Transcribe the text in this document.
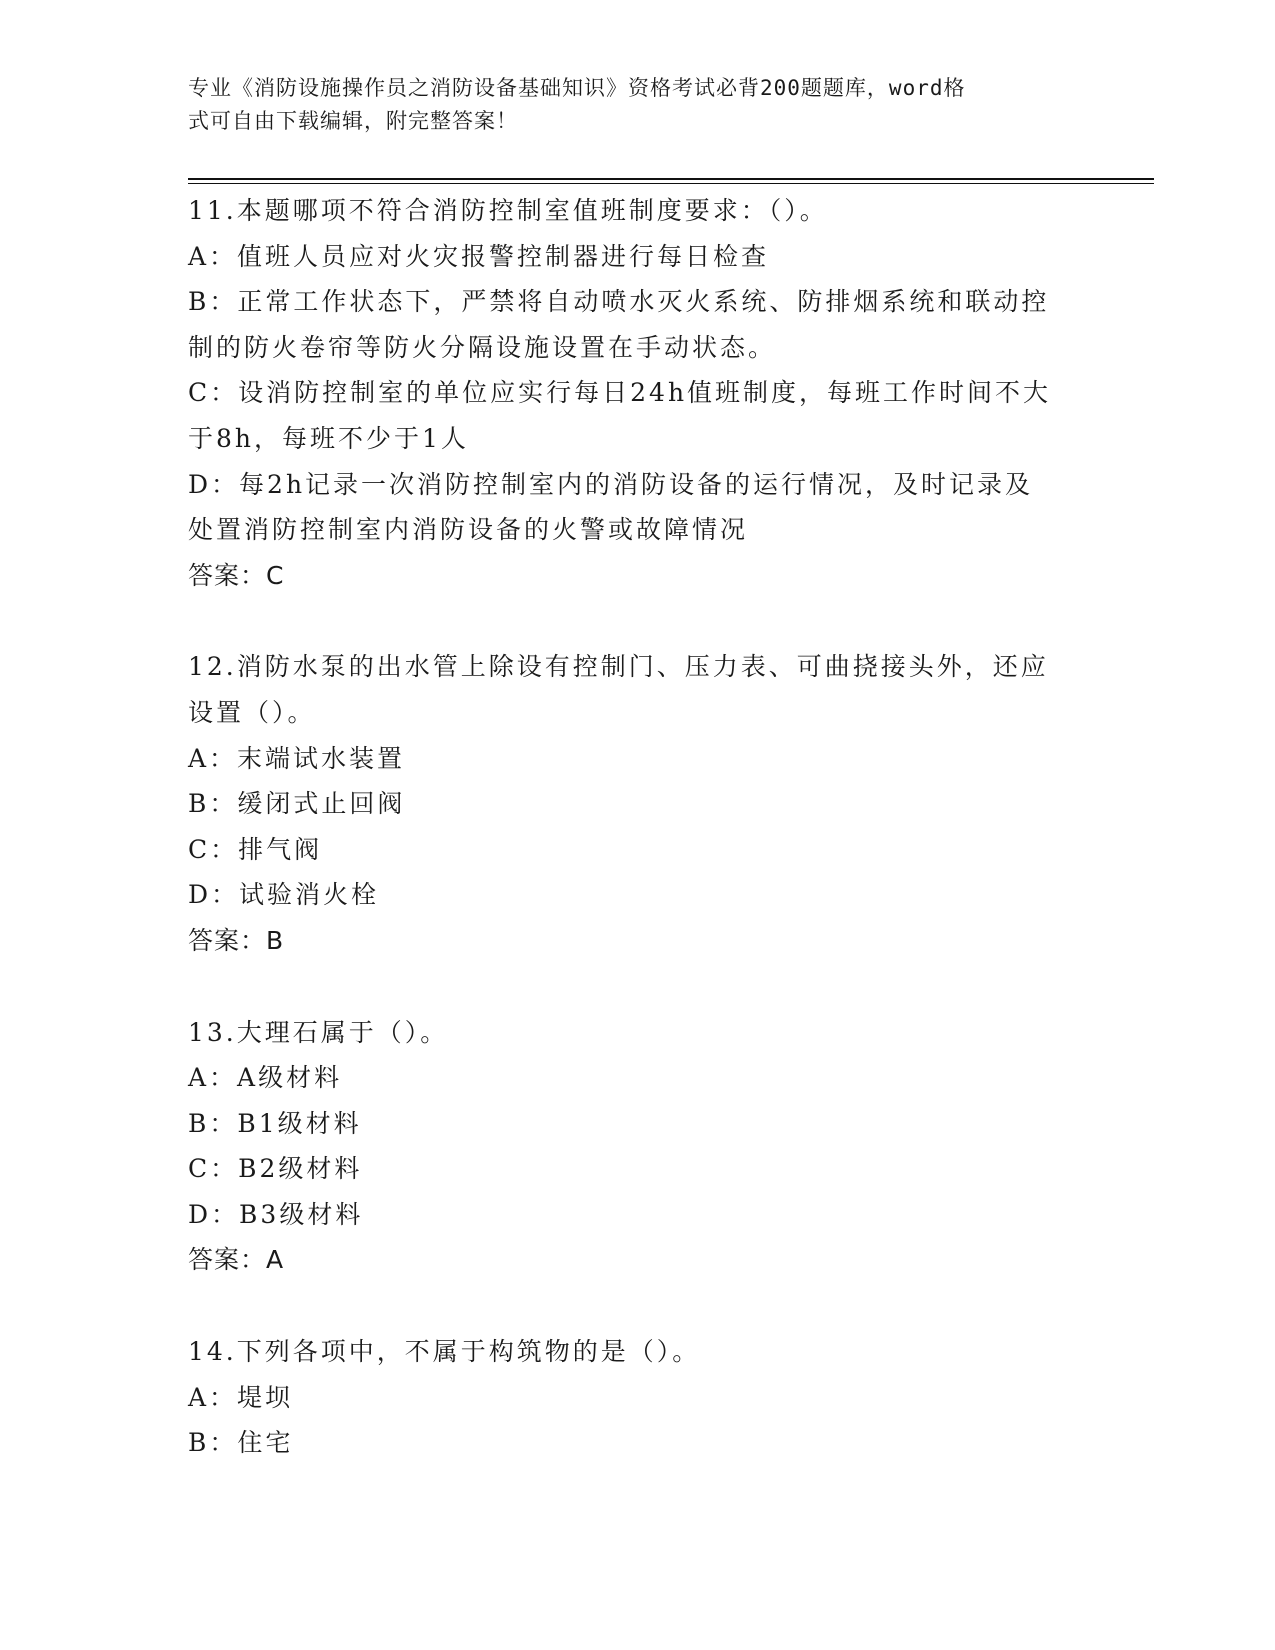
专业《消防设施操作员之消防设备基础知识》资格考试必背200题题库，word格
式可自由下载编辑，附完整答案！

11.本题哪项不符合消防控制室值班制度要求：（）。

A：值班人员应对火灾报警控制器进行每日检查

B：正常工作状态下，严禁将自动喷水灭火系统、防排烟系统和联动控

制的防火卷帘等防火分隔设施设置在手动状态。

C：设消防控制室的单位应实行每日24h值班制度，每班工作时间不大

于8h，每班不少于1人

D：每2h记录一次消防控制室内的消防设备的运行情况，及时记录及

处置消防控制室内消防设备的火警或故障情况

答案：C

12.消防水泵的出水管上除设有控制门、压力表、可曲挠接头外，还应

设置（）。

A：末端试水装置

B：缓闭式止回阀

C：排气阀

D：试验消火栓

答案：B

13.大理石属于（）。

A：A级材料

B：B1级材料

C：B2级材料

D：B3级材料

答案：A

14.下列各项中，不属于构筑物的是（）。

A：堤坝

B：住宅
